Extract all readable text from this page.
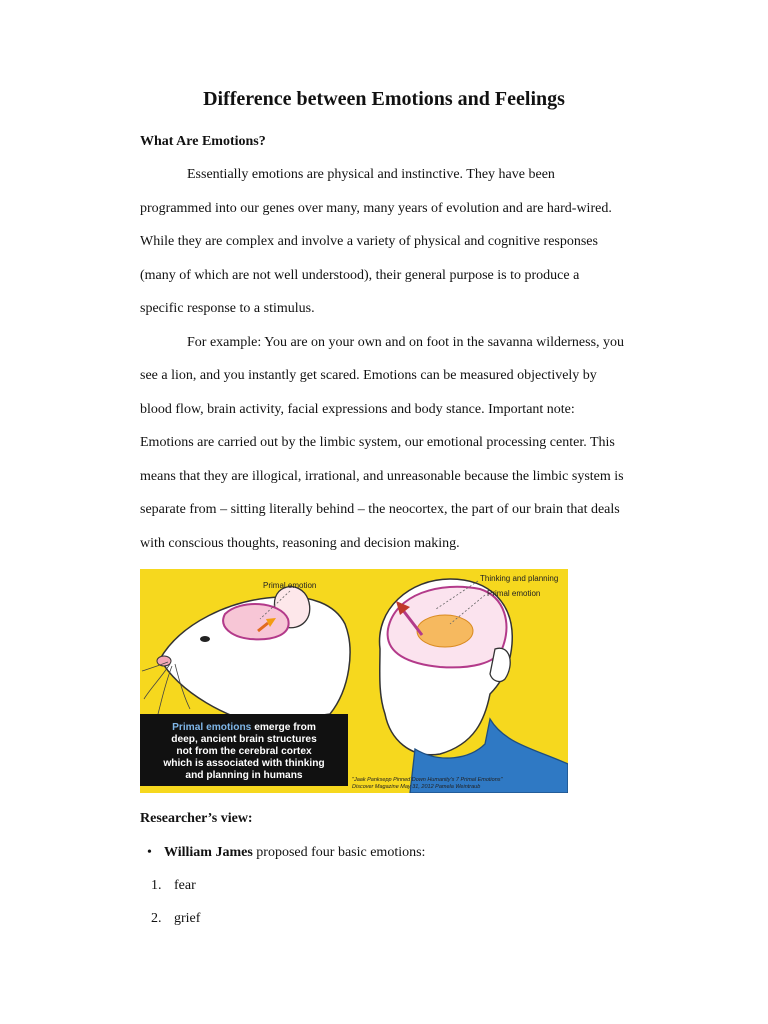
Difference between Emotions and Feelings
What Are Emotions?
Essentially emotions are physical and instinctive. They have been
programmed into our genes over many, many years of evolution and are hard-wired.
While they are complex and involve a variety of physical and cognitive responses
(many of which are not well understood), their general purpose is to produce a
specific response to a stimulus.
For example: You are on your own and on foot in the savanna wilderness, you
see a lion, and you instantly get scared. Emotions can be measured objectively by
blood flow, brain activity, facial expressions and body stance. Important note:
Emotions are carried out by the limbic system, our emotional processing center. This
means that they are illogical, irrational, and unreasonable because the limbic system is
separate from – sitting literally behind – the neocortex, the part of our brain that deals
with conscious thoughts, reasoning and decision making.
Primal emotion
Thinking and planning
Primal emotion
Primal emotions emerge from
deep, ancient brain structures
not from the cerebral cortex
which is associated with thinking
and planning in humans	"Jaak Panksepp Pinned Down Humanity's 7 Primal Emotions"
Discover Magazine May 31, 2012 Pamela Weintraub
Researcher’s view:
• William James proposed four basic emotions:
1. fear
2. grief
